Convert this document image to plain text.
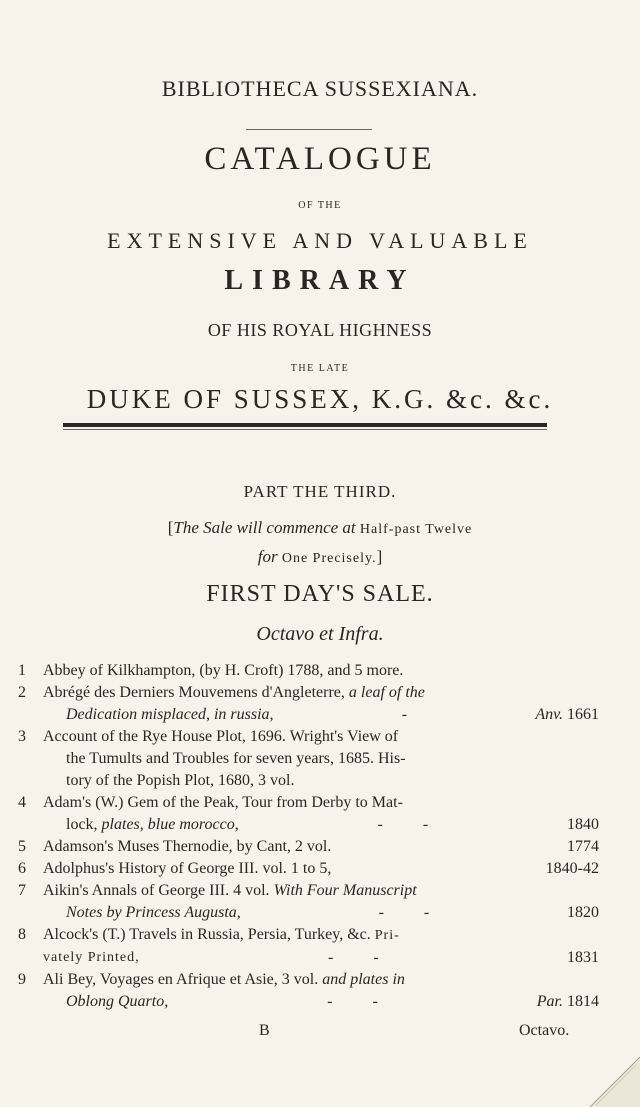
BIBLIOTHECA SUSSEXIANA.
CATALOGUE
OF THE
EXTENSIVE AND VALUABLE
LIBRARY
OF HIS ROYAL HIGHNESS
THE LATE
DUKE OF SUSSEX, K.G. &c. &c.
PART THE THIRD.
[The Sale will commence at Half-past Twelve
for One Precisely.]
FIRST DAY'S SALE.
Octavo et Infra.
1 Abbey of Kilkhampton, (by H. Croft) 1788, and 5 more.
2 Abrégé des Derniers Mouvemens d'Angleterre, a leaf of the
Dedication misplaced, in russia,	-	Anv. 1661
3 Account of the Rye House Plot, 1696. Wright's View of
the Tumults and Troubles for seven years, 1685. His-
tory of the Popish Plot, 1680, 3 vol.
4 Adam's (W.) Gem of the Peak, Tour from Derby to Mat-
lock, plates, blue morocco,	-          -	1840
5 Adamson's Muses Thernodie, by Cant, 2 vol.	1774
6 Adolphus's History of George III. vol. 1 to 5,	1840-42
7 Aikin's Annals of George III. 4 vol. With Four Manuscript
Notes by Princess Augusta,	-          -	1820
8 Alcock's (T.) Travels in Russia, Persia, Turkey, &c. Pri-
vately Printed,	-          -	1831
9 Ali Bey, Voyages en Afrique et Asie, 3 vol. and plates in
Oblong Quarto,	-          -	Par. 1814
B	Octavo.
